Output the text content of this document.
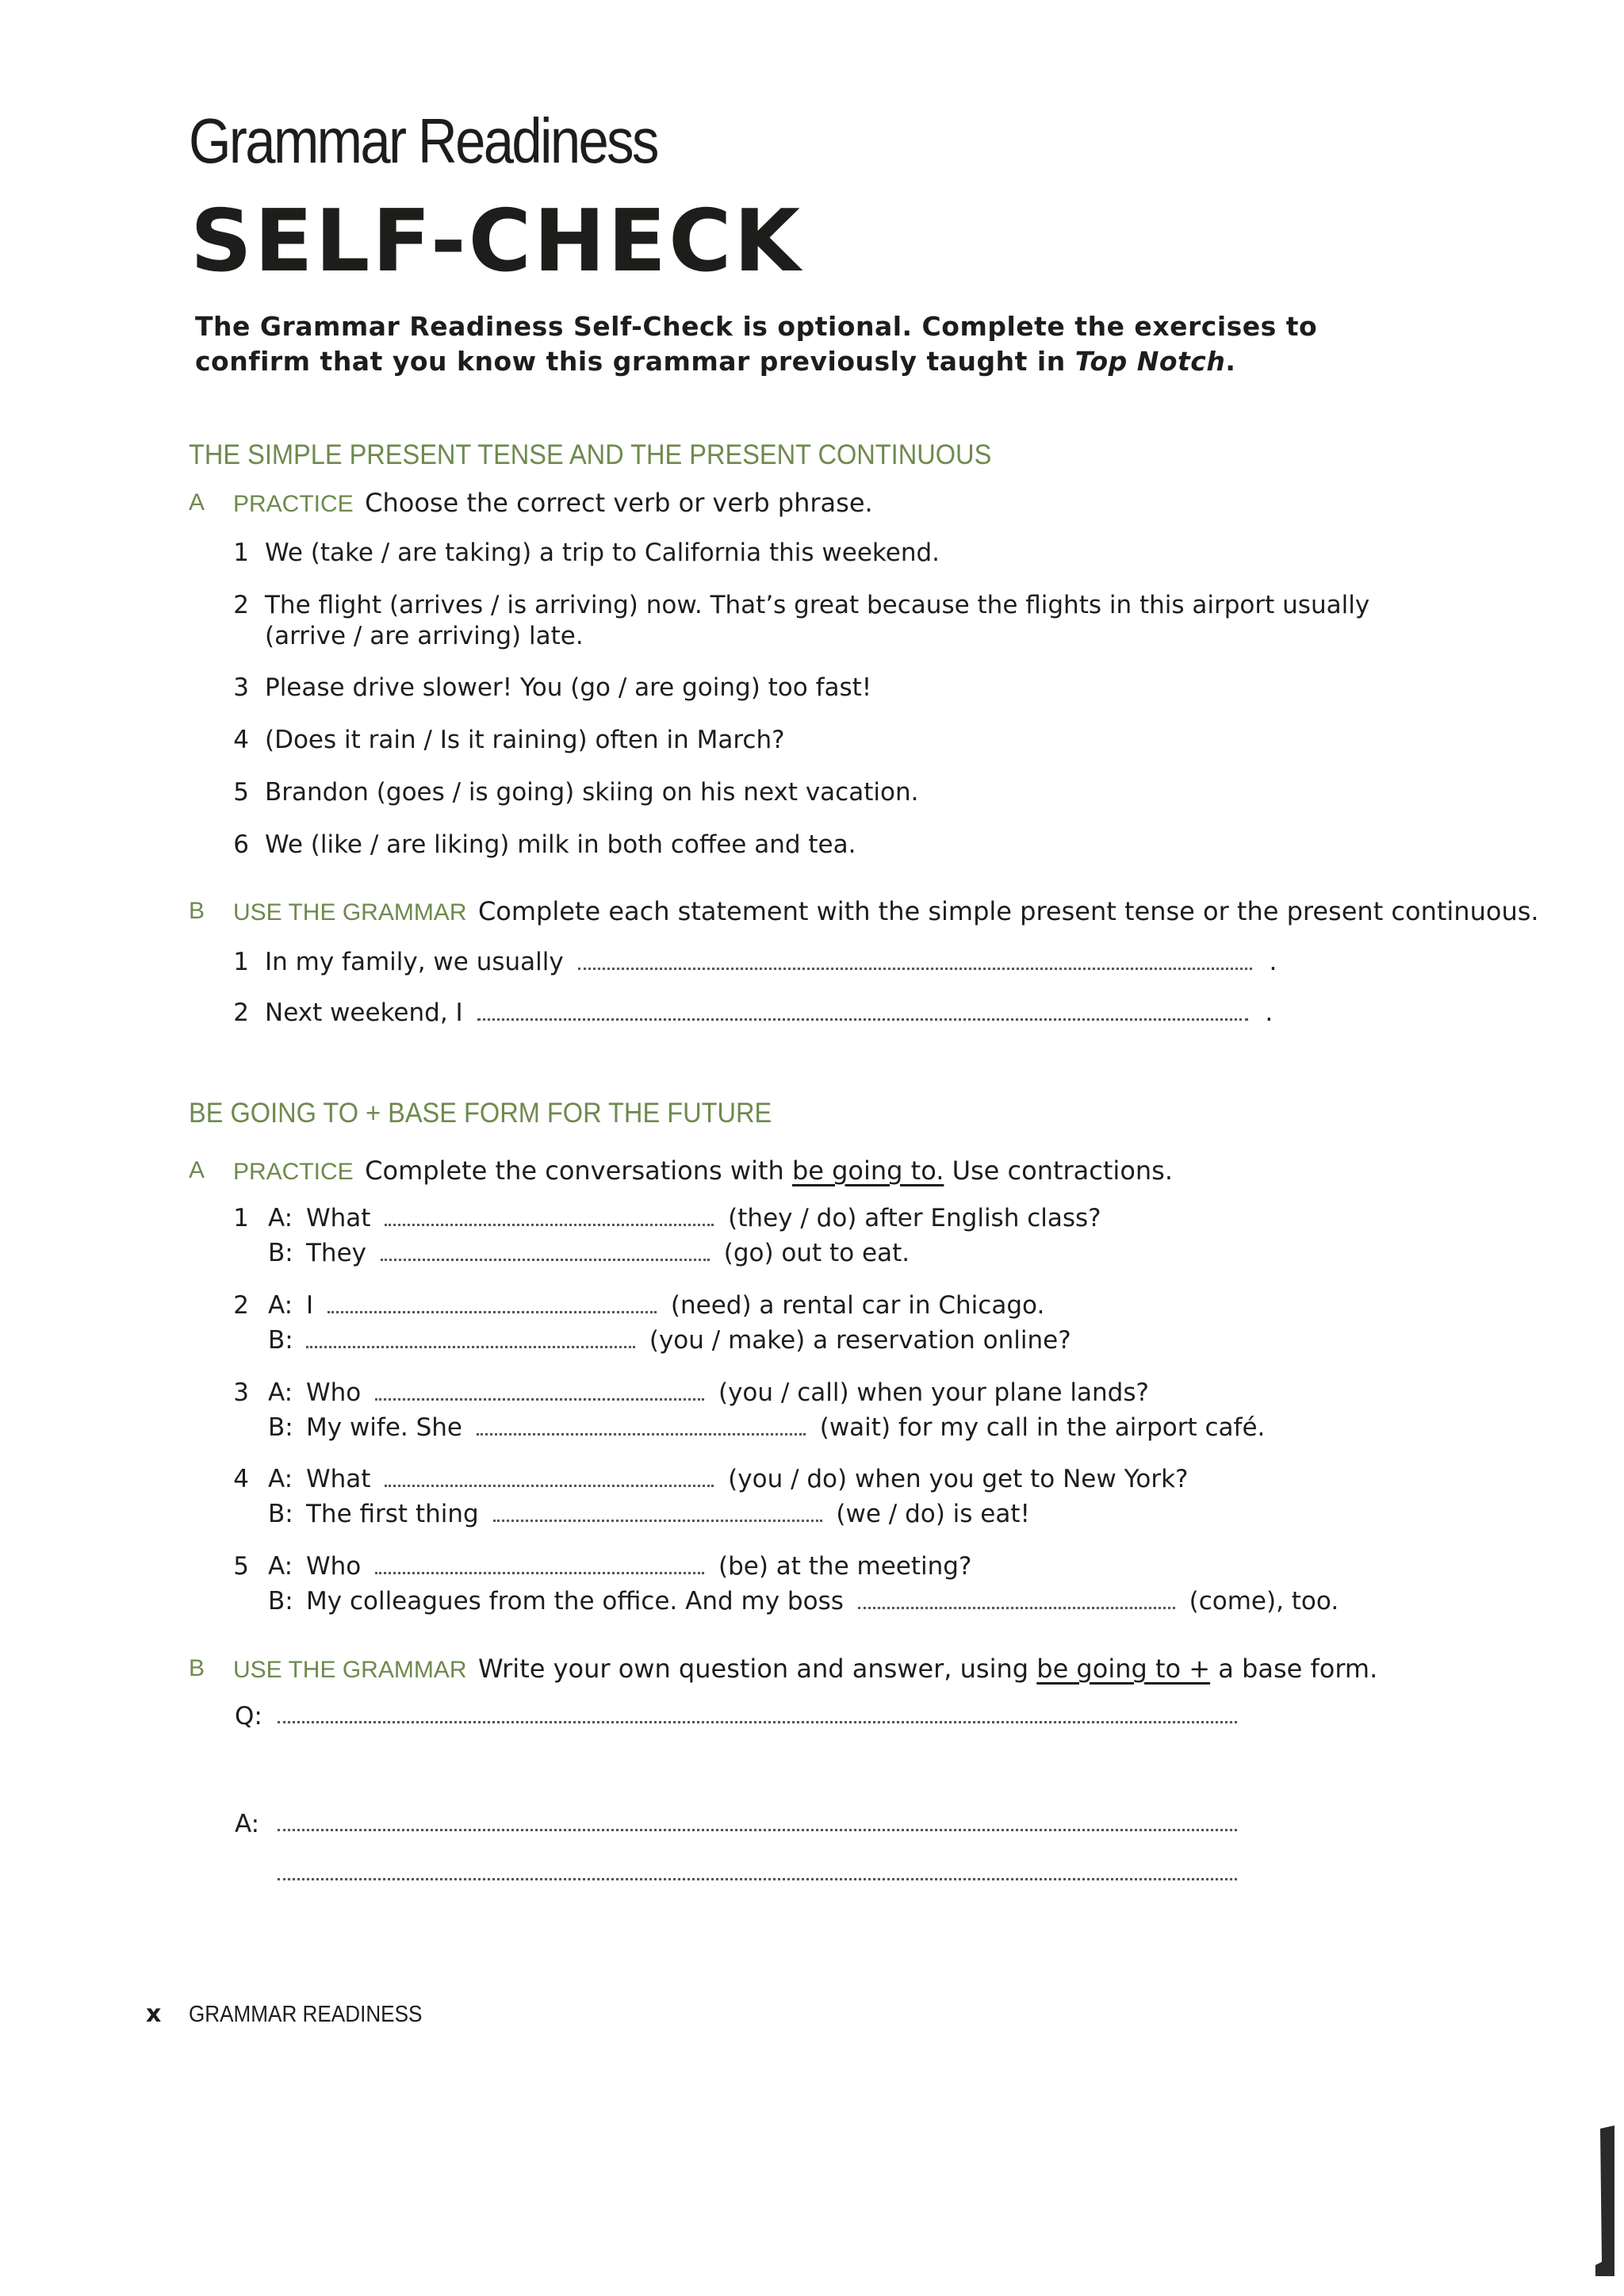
Grammar Readiness
SELF-CHECK
The Grammar Readiness Self-Check is optional. Complete the exercises to confirm that you know this grammar previously taught in Top Notch.
THE SIMPLE PRESENT TENSE AND THE PRESENT CONTINUOUS
A PRACTICE Choose the correct verb or verb phrase.
1 We (take / are taking) a trip to California this weekend.
2 The flight (arrives / is arriving) now. That’s great because the flights in this airport usually
(arrive / are arriving) late.
3 Please drive slower! You (go / are going) too fast!
4 (Does it rain / Is it raining) often in March?
5 Brandon (goes / is going) skiing on his next vacation.
6 We (like / are liking) milk in both coffee and tea.
B USE THE GRAMMAR Complete each statement with the simple present tense or the present continuous.
1 In my family, we usually	.
2 Next weekend, I	.
BE GOING TO + BASE FORM FOR THE FUTURE
A PRACTICE Complete the conversations with be going to. Use contractions.
1 A: What	(they / do) after English class?
B: They	(go) out to eat.
2 A: I	(need) a rental car in Chicago.
B:	(you / make) a reservation online?
3 A: Who	(you / call) when your plane lands?
B: My wife. She	(wait) for my call in the airport café.
4 A: What	(you / do) when you get to New York?
B: The first thing	(we / do) is eat!
5 A: Who	(be) at the meeting?
B: My colleagues from the office. And my boss	(come), too.
B USE THE GRAMMAR Write your own question and answer, using be going to + a base form.
Q:
A:
x GRAMMAR READINESS
